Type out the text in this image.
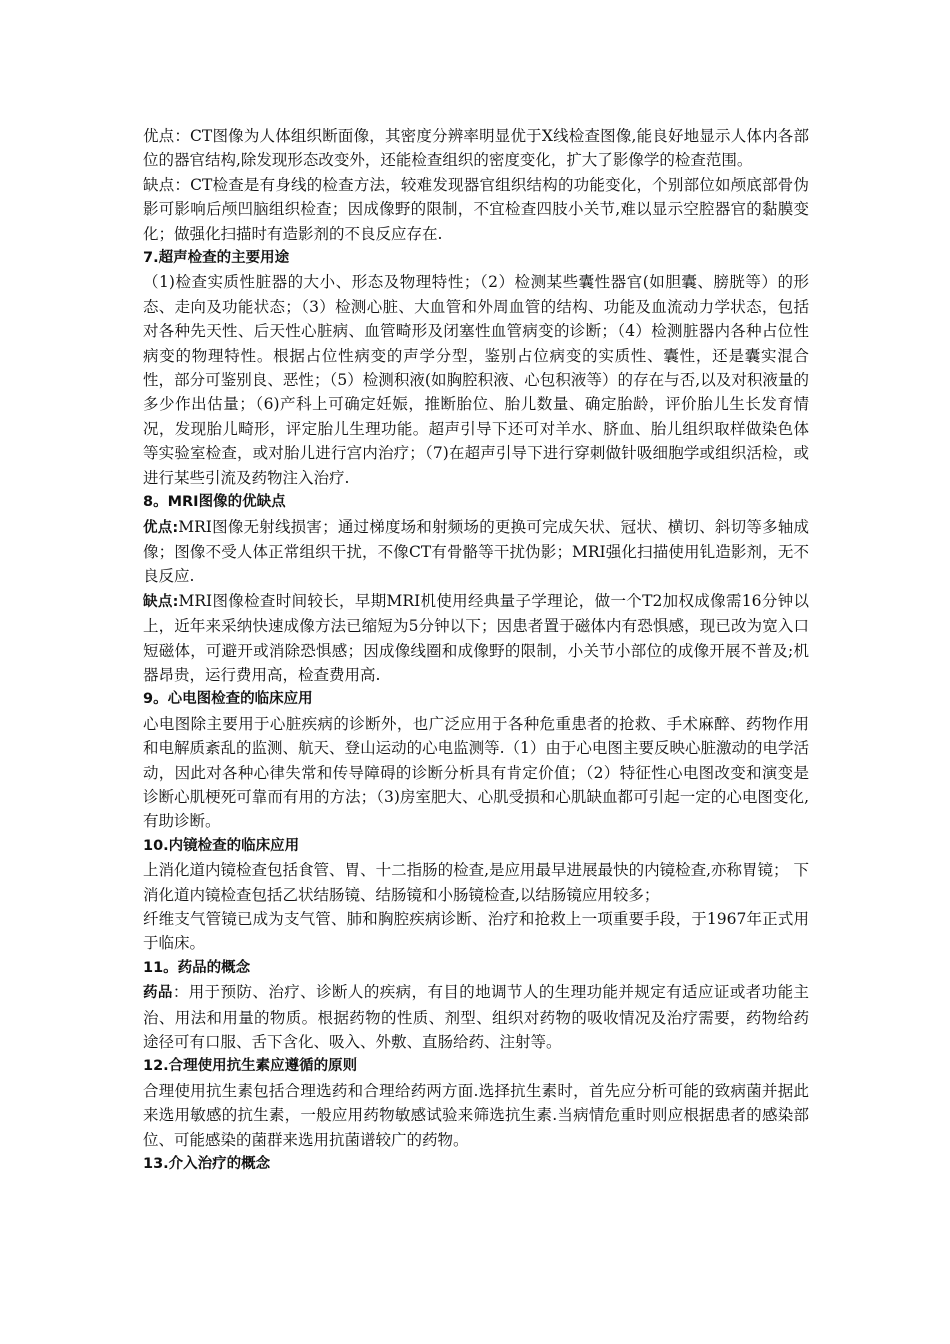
优点：CT图像为人体组织断面像，其密度分辨率明显优于X线检查图像,能良好地显示人体内各部位的器官结构,除发现形态改变外，还能检查组织的密度变化，扩大了影像学的检查范围。

缺点：CT检查是有身线的检查方法，较难发现器官组织结构的功能变化，个别部位如颅底部骨伪影可影响后颅凹脑组织检查；因成像野的限制，不宜检查四肢小关节,难以显示空腔器官的黏膜变化；做强化扫描时有造影剂的不良反应存在.

7.超声检查的主要用途

（1)检查实质性脏器的大小、形态及物理特性；（2）检测某些囊性器官(如胆囊、膀胱等）的形态、走向及功能状态；（3）检测心脏、大血管和外周血管的结构、功能及血流动力学状态，包括对各种先天性、后天性心脏病、血管畸形及闭塞性血管病变的诊断；（4）检测脏器内各种占位性病变的物理特性。根据占位性病变的声学分型，鉴别占位病变的实质性、囊性，还是囊实混合性，部分可鉴别良、恶性；（5）检测积液(如胸腔积液、心包积液等）的存在与否,以及对积液量的多少作出估量；（6)产科上可确定妊娠，推断胎位、胎儿数量、确定胎龄，评价胎儿生长发育情况，发现胎儿畸形，评定胎儿生理功能。超声引导下还可对羊水、脐血、胎儿组织取样做染色体等实验室检查，或对胎儿进行宫内治疗；（7)在超声引导下进行穿刺做针吸细胞学或组织活检，或进行某些引流及药物注入治疗.

8。MRI图像的优缺点

优点:MRI图像无射线损害；通过梯度场和射频场的更换可完成矢状、冠状、横切、斜切等多轴成像；图像不受人体正常组织干扰，不像CT有骨骼等干扰伪影；MRI强化扫描使用钆造影剂，无不良反应.

缺点:MRI图像检查时间较长，早期MRI机使用经典量子学理论，做一个T2加权成像需16分钟以上，近年来采纳快速成像方法已缩短为5分钟以下；因患者置于磁体内有恐惧感，现已改为宽入口短磁体，可避开或消除恐惧感；因成像线圈和成像野的限制，小关节小部位的成像开展不普及;机器昂贵，运行费用高，检查费用高.

9。心电图检查的临床应用

心电图除主要用于心脏疾病的诊断外，也广泛应用于各种危重患者的抢救、手术麻醉、药物作用和电解质紊乱的监测、航天、登山运动的心电监测等.（1）由于心电图主要反映心脏激动的电学活动，因此对各种心律失常和传导障碍的诊断分析具有肯定价值；（2）特征性心电图改变和演变是诊断心肌梗死可靠而有用的方法；（3)房室肥大、心肌受损和心肌缺血都可引起一定的心电图变化,有助诊断。

10.内镜检查的临床应用

上消化道内镜检查包括食管、胃、十二指肠的检查,是应用最早进展最快的内镜检查,亦称胃镜； 下消化道内镜检查包括乙状结肠镜、结肠镜和小肠镜检查,以结肠镜应用较多；

纤维支气管镜已成为支气管、肺和胸腔疾病诊断、治疗和抢救上一项重要手段，于1967年正式用于临床。

11。药品的概念

药品：用于预防、治疗、诊断人的疾病，有目的地调节人的生理功能并规定有适应证或者功能主治、用法和用量的物质。根据药物的性质、剂型、组织对药物的吸收情况及治疗需要，药物给药途径可有口服、舌下含化、吸入、外敷、直肠给药、注射等。

12.合理使用抗生素应遵循的原则

合理使用抗生素包括合理选药和合理给药两方面.选择抗生素时，首先应分析可能的致病菌并据此来选用敏感的抗生素，一般应用药物敏感试验来筛选抗生素.当病情危重时则应根据患者的感染部位、可能感染的菌群来选用抗菌谱较广的药物。

13.介入治疗的概念
